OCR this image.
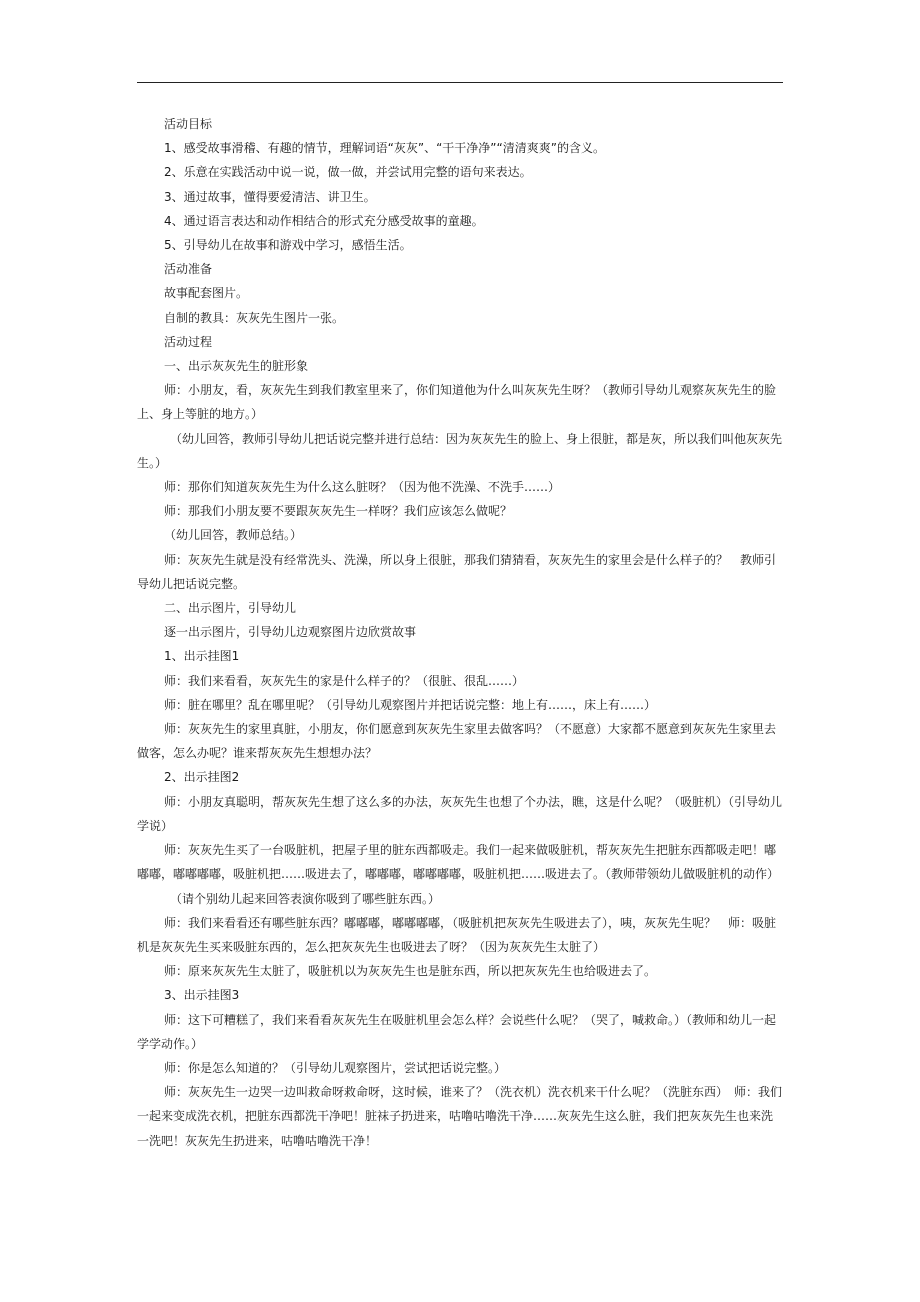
活动目标

1、感受故事滑稽、有趣的情节，理解词语“灰灰”、“干干净净”“清清爽爽”的含义。

2、乐意在实践活动中说一说，做一做，并尝试用完整的语句来表达。

3、通过故事，懂得要爱清洁、讲卫生。

4、通过语言表达和动作相结合的形式充分感受故事的童趣。

5、引导幼儿在故事和游戏中学习，感悟生活。

活动准备

故事配套图片。

自制的教具：灰灰先生图片一张。

活动过程

一、出示灰灰先生的脏形象

师：小朋友，看，灰灰先生到我们教室里来了，你们知道他为什么叫灰灰先生呀？（教师引导幼儿观察灰灰先生的脸上、身上等脏的地方。）

（幼儿回答，教师引导幼儿把话说完整并进行总结：因为灰灰先生的脸上、身上很脏，都是灰，所以我们叫他灰灰先生。）

师：那你们知道灰灰先生为什么这么脏呀？（因为他不洗澡、不洗手……）

师：那我们小朋友要不要跟灰灰先生一样呀？我们应该怎么做呢？

（幼儿回答，教师总结。）

师：灰灰先生就是没有经常洗头、洗澡，所以身上很脏，那我们猜猜看，灰灰先生的家里会是什么样子的？　教师引导幼儿把话说完整。

二、出示图片，引导幼儿

逐一出示图片，引导幼儿边观察图片边欣赏故事

1、出示挂图1

师：我们来看看，灰灰先生的家是什么样子的？（很脏、很乱……）

师：脏在哪里？乱在哪里呢？（引导幼儿观察图片并把话说完整：地上有……，床上有……）

师：灰灰先生的家里真脏，小朋友，你们愿意到灰灰先生家里去做客吗？（不愿意）大家都不愿意到灰灰先生家里去做客，怎么办呢？谁来帮灰灰先生想想办法？

2、出示挂图2

师：小朋友真聪明，帮灰灰先生想了这么多的办法，灰灰先生也想了个办法，瞧，这是什么呢？（吸脏机）（引导幼儿学说）

师：灰灰先生买了一台吸脏机，把屋子里的脏东西都吸走。我们一起来做吸脏机，帮灰灰先生把脏东西都吸走吧！嘟嘟嘟，嘟嘟嘟嘟，吸脏机把……吸进去了，嘟嘟嘟，嘟嘟嘟嘟，吸脏机把……吸进去了。（教师带领幼儿做吸脏机的动作）

（请个别幼儿起来回答表演你吸到了哪些脏东西。）

师：我们来看看还有哪些脏东西？嘟嘟嘟，嘟嘟嘟嘟，（吸脏机把灰灰先生吸进去了），咦，灰灰先生呢？　师：吸脏机是灰灰先生买来吸脏东西的，怎么把灰灰先生也吸进去了呀？（因为灰灰先生太脏了）

师：原来灰灰先生太脏了，吸脏机以为灰灰先生也是脏东西，所以把灰灰先生也给吸进去了。

3、出示挂图3

师：这下可糟糕了，我们来看看灰灰先生在吸脏机里会怎么样？会说些什么呢？（哭了，喊救命。）（教师和幼儿一起学学动作。）

师：你是怎么知道的？（引导幼儿观察图片，尝试把话说完整。）

师：灰灰先生一边哭一边叫救命呀救命呀，这时候，谁来了？（洗衣机）洗衣机来干什么呢？（洗脏东西）　师：我们一起来变成洗衣机，把脏东西都洗干净吧！脏袜子扔进来，咕噜咕噜洗干净……灰灰先生这么脏，我们把灰灰先生也来洗一洗吧！灰灰先生扔进来，咕噜咕噜洗干净！
